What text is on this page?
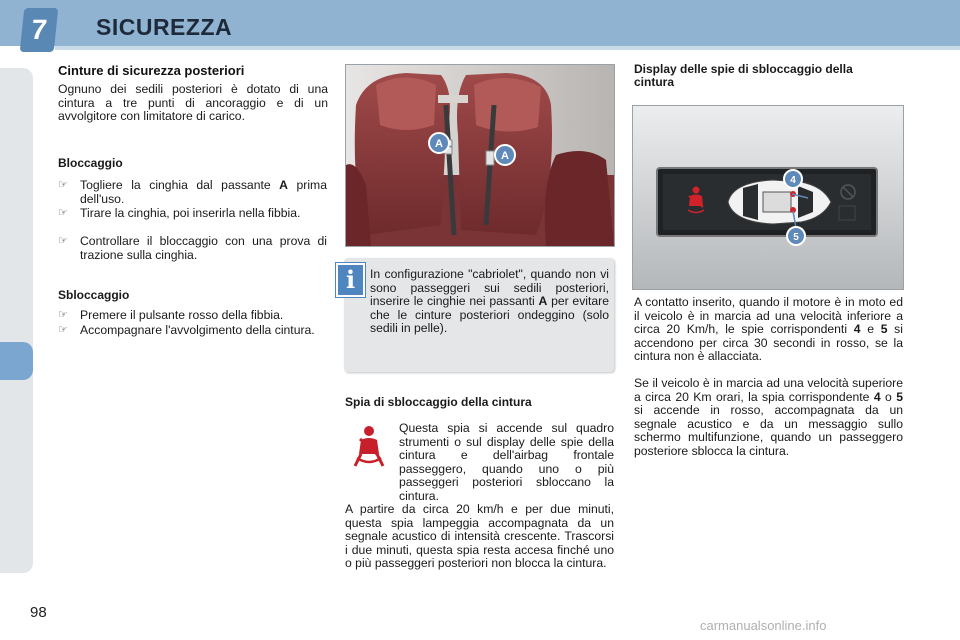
7	SICUREZZA
Cinture di sicurezza posteriori

Ognuno dei sedili posteriori è dotato di una cintura a tre punti di ancoraggio e di un avvolgitore con limitatore di carico.

Bloccaggio
☞ Togliere la cinghia dal passante A prima dell'uso.
☞ Tirare la cinghia, poi inserirla nella fibbia.
☞ Controllare il bloccaggio con una prova di trazione sulla cinghia.
Sbloccaggio
☞ Premere il pulsante rosso della fibbia.
☞ Accompagnare l'avvolgimento della cintura.
A
A
i	In configurazione "cabriolet", quando non vi sono passeggeri sui sedili posteriori, inserire le cinghie nei passanti A per evitare che le cinture posteriori ondeggino (solo sedili in pelle).
Spia di sbloccaggio della cintura

Questa spia si accende sul quadro strumenti o sul display delle spie della cintura e dell'airbag frontale passeggero, quando uno o più passeggeri posteriori sbloccano la cintura.

A partire da circa 20 km/h e per due minuti, questa spia lampeggia accompagnata da un segnale acustico di intensità crescente. Trascorsi i due minuti, questa spia resta accesa finché uno o più passeggeri posteriori non blocca la cintura.

Display delle spie di sbloccaggio della cintura
4
5

A contatto inserito, quando il motore è in moto ed il veicolo è in marcia ad una velocità inferiore a circa 20 Km/h, le spie corrispondenti 4 e 5 si accendono per circa 30 secondi in rosso, se la cintura non è allacciata.

Se il veicolo è in marcia ad una velocità superiore a circa 20 Km orari, la spia corrispondente 4 o 5 si accende in rosso, accompagnata da un segnale acustico e da un messaggio sullo schermo multifunzione, quando un passeggero posteriore sblocca la cintura.

98
carmanualsonline.info
